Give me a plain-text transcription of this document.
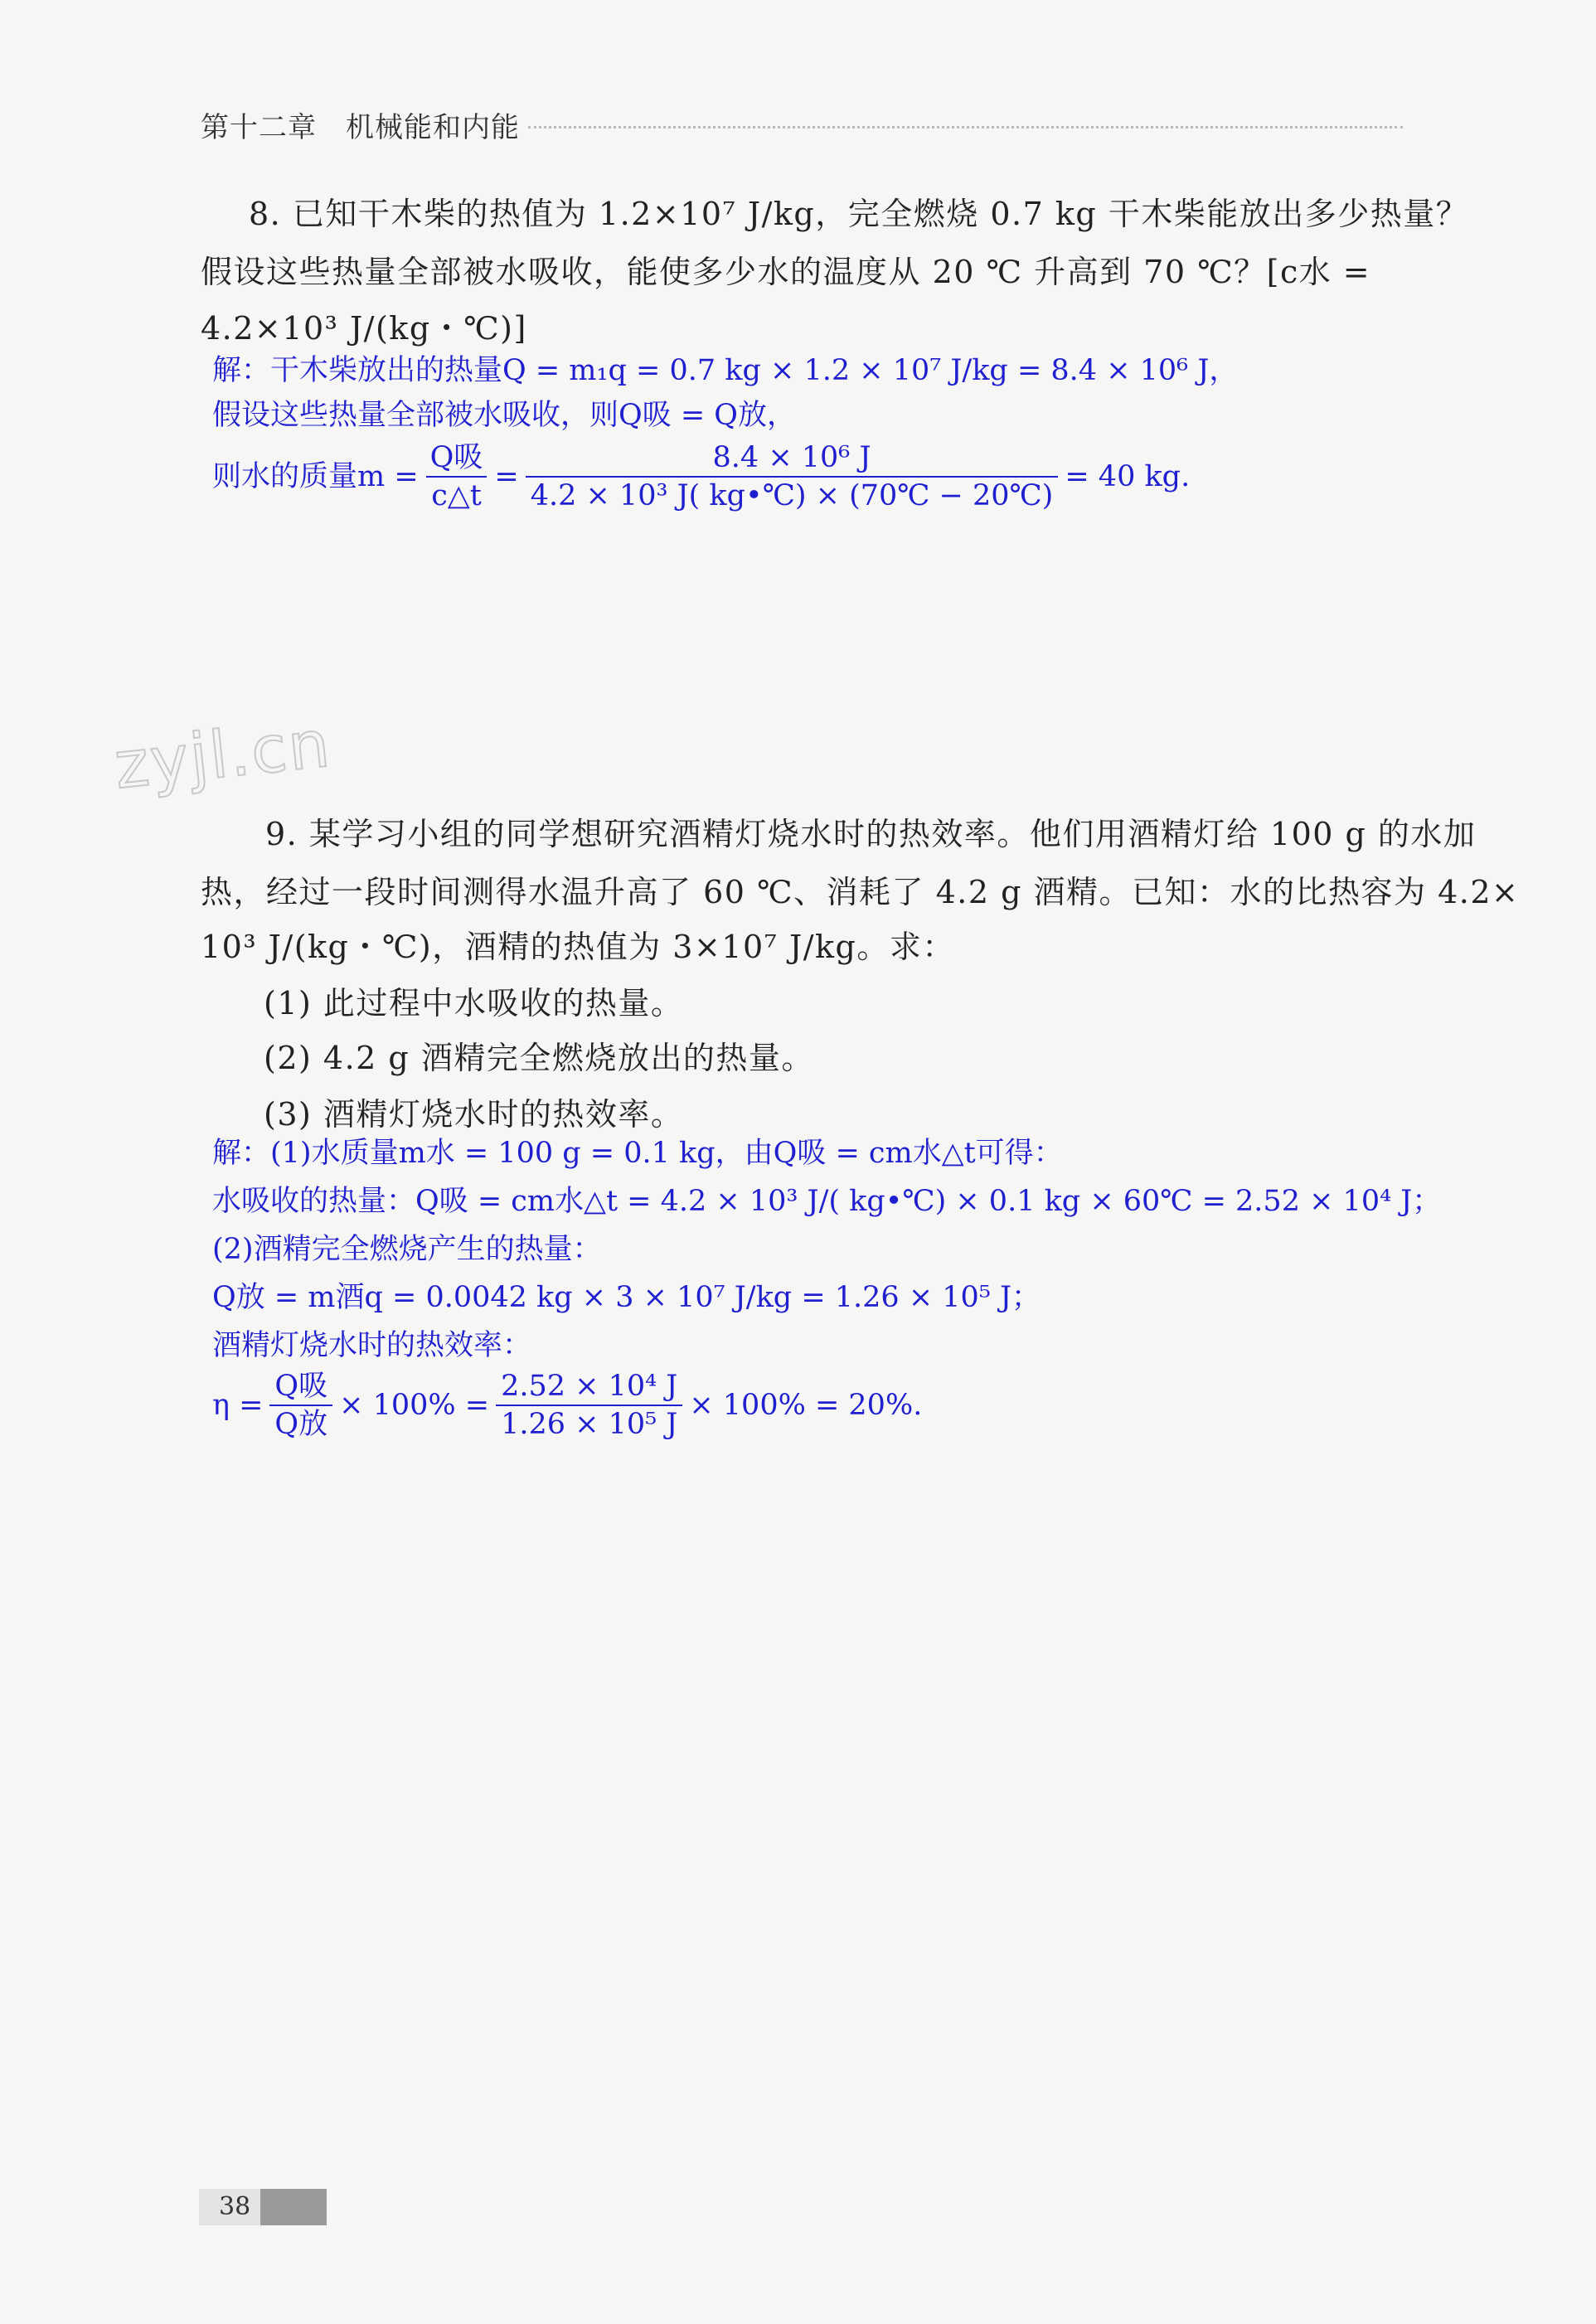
第十二章　机械能和内能
8. 已知干木柴的热值为 1.2×10⁷ J/kg，完全燃烧 0.7 kg 干木柴能放出多少热量？
假设这些热量全部被水吸收，能使多少水的温度从 20 ℃ 升高到 70 ℃？[c水 =
4.2×10³ J/(kg・℃)]
解：干木柴放出的热量 Q = m₁q = 0.7 kg × 1.2 × 10⁷ J/kg = 8.4 × 10⁶ J，
假设这些热量全部被水吸收，则 Q吸 = Q放，
则水的质量 $m = \frac{\text{Q吸}}{c\triangle t} = \frac{\text{8.4 × 10⁶ J}}{\text{4.2 × 10³ J( kg•℃) × (70℃ − 20℃)}} = 40$ kg.
zyjl.cn
9. 某学习小组的同学想研究酒精灯烧水时的热效率。他们用酒精灯给 100 g 的水加
热，经过一段时间测得水温升高了 60 ℃、消耗了 4.2 g 酒精。已知：水的比热容为 4.2×
10³ J/(kg・℃)，酒精的热值为 3×10⁷ J/kg。求：
(1) 此过程中水吸收的热量。
(2) 4.2 g 酒精完全燃烧放出的热量。
(3) 酒精灯烧水时的热效率。
解：(1)水质量m水 = 100 g = 0.1 kg，由Q吸 = cm水△t可得：
水吸收的热量：Q吸 = cm水△t = 4.2 × 10³ J/( kg•℃) × 0.1 kg × 60℃ = 2.52 × 10⁴ J；
(2)酒精完全燃烧产生的热量：
Q放 = m酒q = 0.0042 kg × 3 × 10⁷ J/kg = 1.26 × 10⁵ J；
酒精灯烧水时的热效率：
$\eta = \frac{\text{Q吸}}{\text{Q放}} \times 100\% = \frac{\text{2.52 × 10⁴ J}}{\text{1.26 × 10⁵ J}} \times 100\% = 20\%$.
38
